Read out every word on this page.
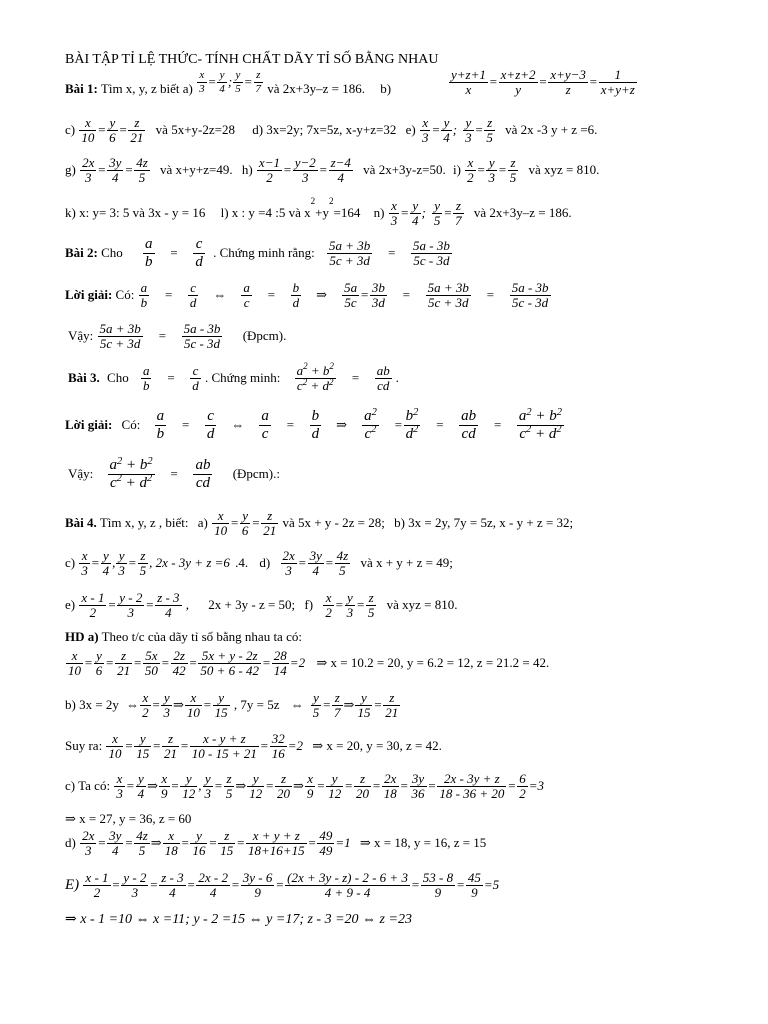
BÀI TẬP TỈ LỆ THỨC- TÍNH CHẤT DÃY TỈ SỐ BẰNG NHAU
Bài 1: Tìm x, y, z biết $a) \frac{x}{3} = \frac{y}{4}$ ; $\frac{y}{5} = \frac{z}{7}$ và 2x+3y–z = 186. b)	$\frac{y+z+1}{x} = \frac{x+z+2}{y} = \frac{x+y-3}{z} = \frac{1}{x+y+z}$
$c) \frac{x}{10} = \frac{y}{6} = \frac{z}{21}$ và 5x+y-2z=28 d) 3x=2y; 7x=5z, x-y+z=32 $e) \frac{x}{3} = \frac{y}{4}$ ; $\frac{y}{3} = \frac{z}{5}$ và 2x -3 y + z =6.
$g) \frac{2x}{3} = \frac{3y}{4} = \frac{4z}{5}$ và x+y+z=49. $h) \frac{x-1}{2} = \frac{y-2}{3} = \frac{z-4}{4}$ và 2x+3y-z=50. $i) \frac{x}{2} = \frac{y}{3} = \frac{z}{5}$ và xyz = 810.
k) x: y= 3: 5 và 3x - y = 16 l) x : y =4 :5 và $x^2+y^2=164$ $n) \frac{x}{3} = \frac{y}{4}$ ; $\frac{y}{5} = \frac{z}{7}$ và 2x+3y–z = 186.
Bài 2: Cho $\frac{a}{b} = \frac{c}{d}$ . Chứng minh rằng: $\frac{5a + 3b}{5c + 3d} = \frac{5a - 3b}{5c - 3d}$
Lời giải: Có: $\frac{a}{b} = \frac{c}{d}$ ⇔ $\frac{a}{c} = \frac{b}{d}$ ⇒ $\frac{5a}{5c} = \frac{3b}{3d} = \frac{5a + 3b}{5c + 3d} = \frac{5a - 3b}{5c - 3d}$
Vậy: $\frac{5a + 3b}{5c + 3d} = \frac{5a - 3b}{5c - 3d}$ (Đpcm).
Bài 3. Cho $\frac{a}{b} = \frac{c}{d}$ . Chứng minh: $\frac{a^2 + b^2}{c^2 + d^2} = \frac{ab}{cd}$ .
Lời giải: Có: $\frac{a}{b} = \frac{c}{d}$ ⇔ $\frac{a}{c} = \frac{b}{d}$ ⇒ $\frac{a^2}{c^2} = \frac{b^2}{d^2} = \frac{ab}{cd} = \frac{a^2 + b^2}{c^2 + d^2}$
Vậy: $\frac{a^2 + b^2}{c^2 + d^2} = \frac{ab}{cd}$ (Đpcm).:
Bài 4. Tìm x, y, z , biết: $a) \frac{x}{10} = \frac{y}{6} = \frac{z}{21}$ và 5x + y - 2z = 28; b) 3x = 2y, 7y = 5z, x - y + z = 32;
$c) \frac{x}{3} = \frac{y}{4}$ , $\frac{y}{3} = \frac{z}{5}$ , 2x - 3y + z =6 .4. $d) \frac{2x}{3} = \frac{3y}{4} = \frac{4z}{5}$ và x + y + z = 49;
$e) \frac{x - 1}{2} = \frac{y - 2}{3} = \frac{z - 3}{4}$ , 2x + 3y - z = 50; $f) \frac{x}{2} = \frac{y}{3} = \frac{z}{5}$ và xyz = 810.
HD a) Theo t/c của dãy tỉ số bằng nhau ta có:
$\frac{x}{10} = \frac{y}{6} = \frac{z}{21} = \frac{5x}{50} = \frac{2z}{42} = \frac{5x + y - 2z}{50 + 6 - 42} = \frac{28}{14} =2$ ⇒ x = 10.2 = 20, y = 6.2 = 12, z = 21.2 = 42.
b) 3x = 2y ⇔ $\frac{x}{2} = \frac{y}{3}$ ⇒ $\frac{x}{10} = \frac{y}{15}$ , 7y = 5z ⇔ $\frac{y}{5} = \frac{z}{7}$ ⇒ $\frac{y}{15} = \frac{z}{21}$
Suy ra: $\frac{x}{10} = \frac{y}{15} = \frac{z}{21} = \frac{x - y + z}{10 - 15 + 21} = \frac{32}{16} =2$ ⇒ x = 20, y = 30, z = 42.
c) Ta có: $\frac{x}{3} = \frac{y}{4}$ ⇒ $\frac{x}{9} = \frac{y}{12}$ , $\frac{y}{3} = \frac{z}{5}$ ⇒ $\frac{y}{12} = \frac{z}{20}$ ⇒ $\frac{x}{9} = \frac{y}{12} = \frac{z}{20} = \frac{2x}{18} = \frac{3y}{36} = \frac{2x - 3y + z}{18 - 36 + 20} = \frac{6}{2} =3$
⇒ x = 27, y = 36, z = 60
$d) \frac{2x}{3} = \frac{3y}{4} = \frac{4z}{5}$ ⇒ $\frac{x}{18} = \frac{y}{16} = \frac{z}{15} = \frac{x + y + z}{18+16+15} = \frac{49}{49} =1$ ⇒ x = 18, y = 16, z = 15
$E) \frac{x - 1}{2} = \frac{y - 2}{3} = \frac{z - 3}{4} = \frac{2x - 2}{4} = \frac{3y - 6}{9} = \frac{(2x + 3y - z) - 2 - 6 + 3}{4 + 9 - 4} = \frac{53 - 8}{9} = \frac{45}{9} =5$
⇒ x - 1 =10 ⇔ x =11; y - 2 =15 ⇔ y =17; z - 3 =20 ⇔ z =23
